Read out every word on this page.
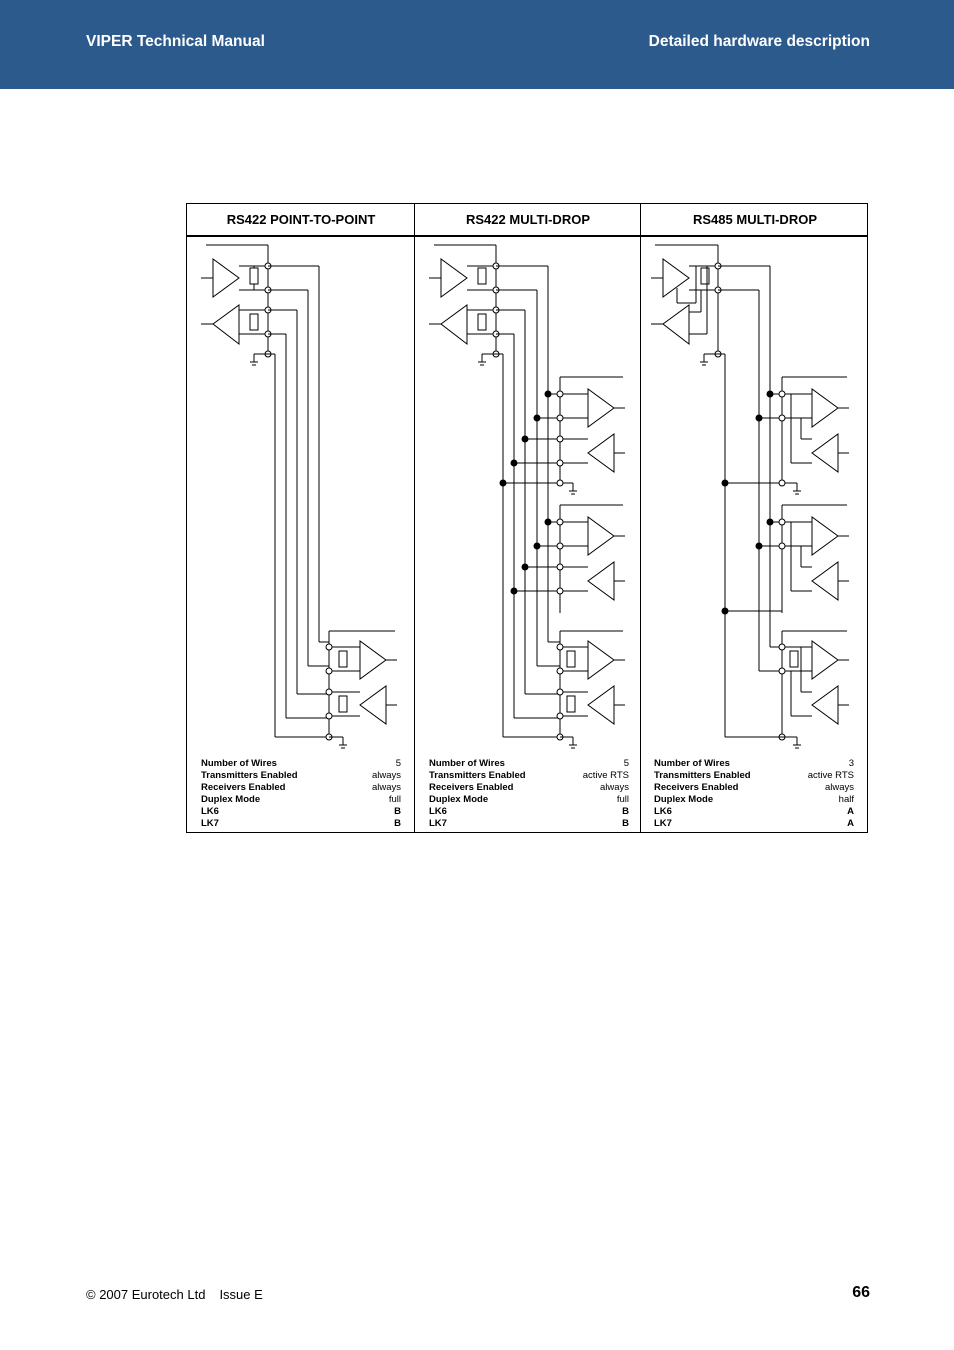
VIPER Technical Manual	Detailed hardware description
RS422 POINT-TO-POINT	RS422 MULTI-DROP	RS485 MULTI-DROP
Number of Wires	5
Transmitters Enabled	always
Receivers Enabled	always
Duplex Mode	full
LK6	B
LK7	B
Number of Wires	5
Transmitters Enabled	active RTS
Receivers Enabled	always
Duplex Mode	full
LK6	B
LK7	B
Number of Wires	3
Transmitters Enabled	active RTS
Receivers Enabled	always
Duplex Mode	half
LK6	A
LK7	A
© 2007 Eurotech Ltd Issue E	66
